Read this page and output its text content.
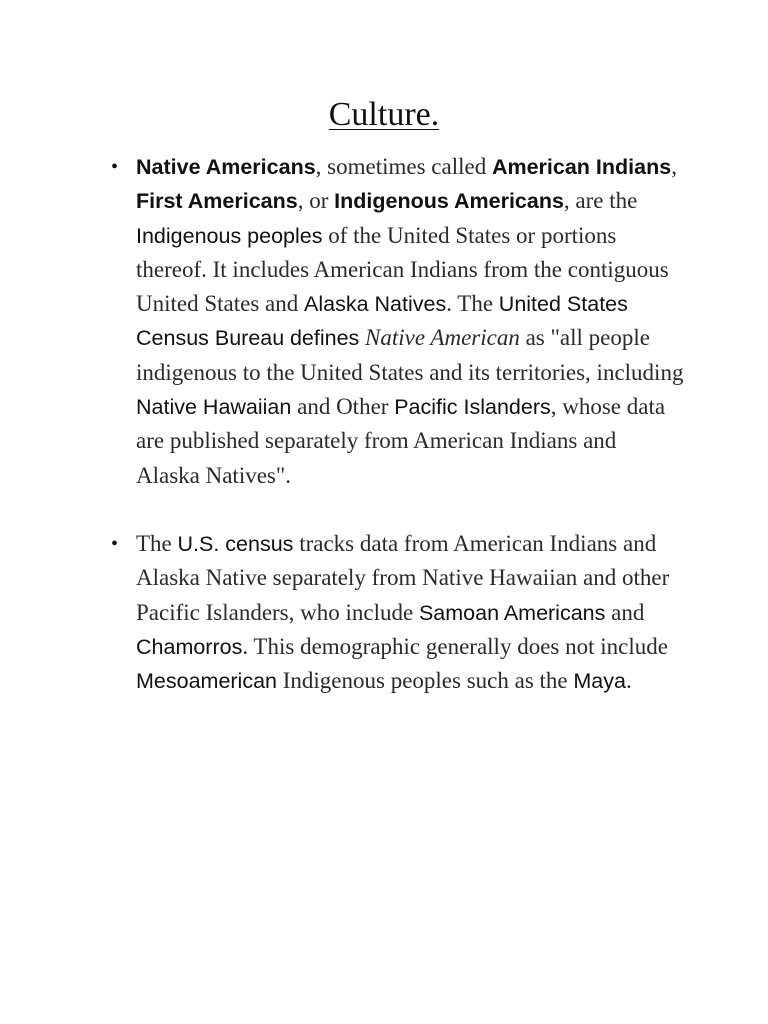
Culture.
• Native Americans, sometimes called American Indians, First Americans, or Indigenous Americans, are the Indigenous peoples of the United States or portions thereof. It includes American Indians from the contiguous United States and Alaska Natives. The United States Census Bureau defines Native American as "all people indigenous to the United States and its territories, including Native Hawaiian and Other Pacific Islanders, whose data are published separately from American Indians and Alaska Natives".
• The U.S. census tracks data from American Indians and Alaska Native separately from Native Hawaiian and other Pacific Islanders, who include Samoan Americans and Chamorros. This demographic generally does not include Mesoamerican Indigenous peoples such as the Maya.
